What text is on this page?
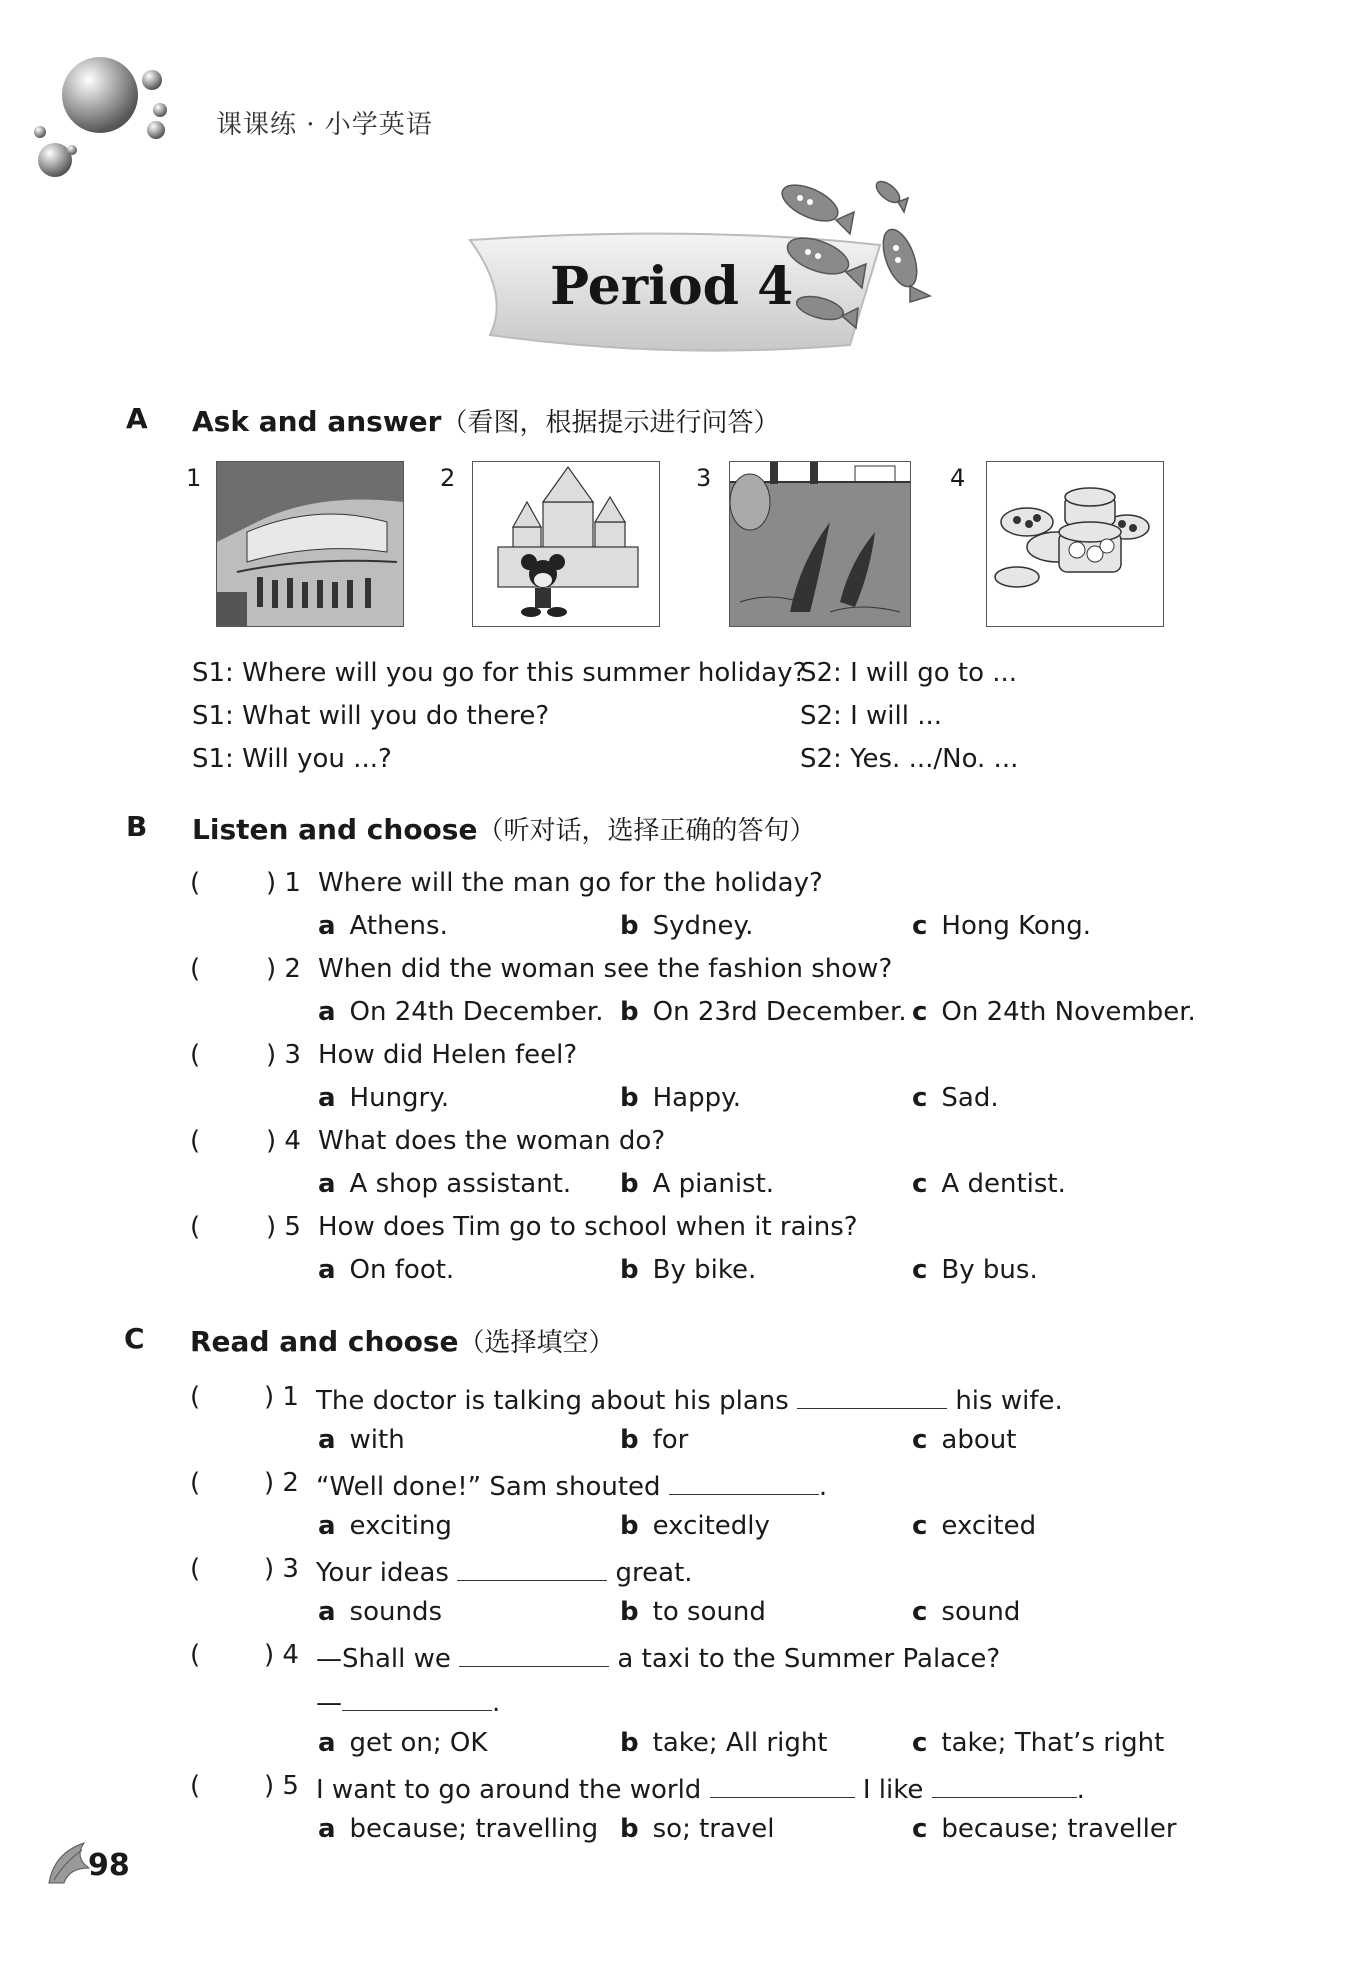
课课练 · 小学英语
Period 4
A Ask and answer（看图，根据提示进行问答）
1	2	3	4
S1: Where will you go for this summer holiday?
S2: I will go to ...
S1: What will you do there?	S2: I will ...
S1: Will you ...?	S2: Yes. .../No. ...
B Listen and choose（听对话，选择正确的答句）
(	) 1 Where will the man go for the holiday?
a Athens.	b Sydney.	c Hong Kong.
(	) 2 When did the woman see the fashion show?
a On 24th December. b On 23rd December. c On 24th November.
(	) 3 How did Helen feel?
a Hungry.	b Happy.	c Sad.
(	) 4 What does the woman do?
a A shop assistant. b A pianist.	c A dentist.
(	) 5 How does Tim go to school when it rains?
a On foot.	b By bike.	c By bus.
C Read and choose（选择填空）
( ) 1 The doctor is talking about his plans	his wife.
a with	b for	c about
( ) 2 “Well done!” Sam shouted	.
a exciting	b excitedly	c excited
( ) 3 Your ideas	great.
a sounds	b to sound	c sound
( ) 4 —Shall we	a taxi to the Summer Palace?
—	.
a get on; OK	b take; All right	c take; That’s right
( ) 5 I want to go around the world	I like	.
a because; travelling b so; travel	c because; traveller
98
